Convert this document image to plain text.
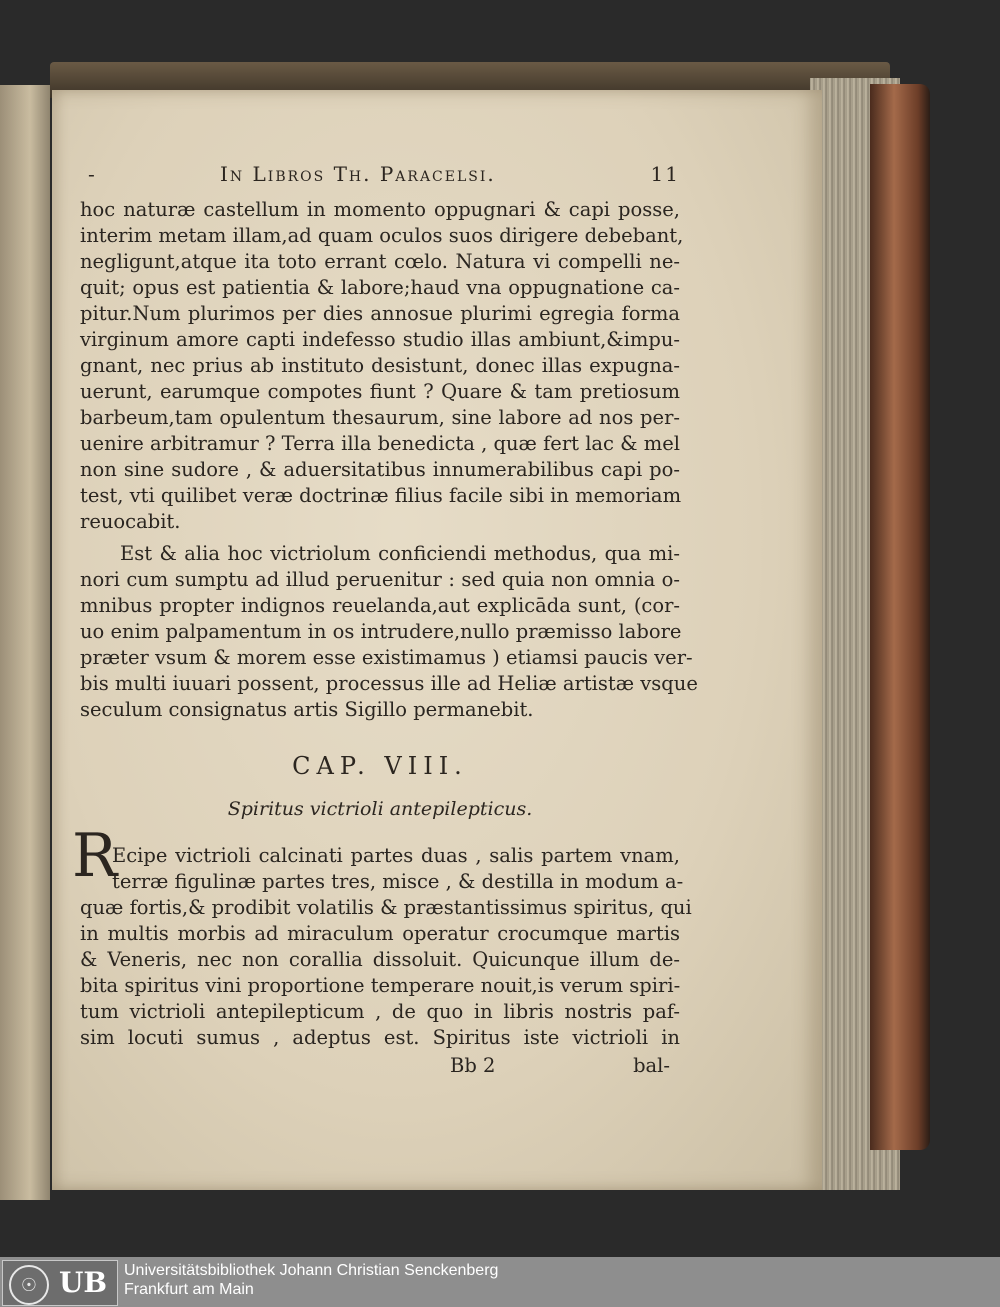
-	In Libros Th. Paracelsi.	11
hoc naturæ castellum in momento oppugnari & capi posse,
interim metam illam,ad quam oculos suos dirigere debebant,
negligunt,atque ita toto errant cœlo. Natura vi compelli ne-
quit; opus est patientia & labore;haud vna oppugnatione ca-
pitur.Num plurimos per dies annosue plurimi egregia forma
virginum amore capti indefesso studio illas ambiunt,&impu-
gnant, nec prius ab instituto desistunt, donec illas expugna-
uerunt, earumque compotes fiunt ? Quare & tam pretiosum
barbeum,tam opulentum thesaurum, sine labore ad nos per-
uenire arbitramur ? Terra illa benedicta , quæ fert lac & mel
non sine sudore , & aduersitatibus innumerabilibus capi po-
test, vti quilibet veræ doctrinæ filius facile sibi in memoriam
reuocabit.
Est & alia hoc victriolum conficiendi methodus, qua mi-
nori cum sumptu ad illud peruenitur : sed quia non omnia o-
mnibus propter indignos reuelanda,aut explicāda sunt, (cor-
uo enim palpamentum in os intrudere,nullo præmisso labore
præter vsum & morem esse existimamus ) etiamsi paucis ver-
bis multi iuuari possent, processus ille ad Heliæ artistæ vsque
seculum consignatus artis Sigillo permanebit.
CAP. VIII.
Spiritus victrioli antepilepticus.
R
Ecipe victrioli calcinati partes duas , salis partem vnam,
terræ figulinæ partes tres, misce , & destilla in modum a-
quæ fortis,& prodibit volatilis & præstantissimus spiritus, qui
in multis morbis ad miraculum operatur crocumque martis
& Veneris, nec non corallia dissoluit. Quicunque illum de-
bita spiritus vini proportione temperare nouit,is verum spiri-
tum victrioli antepilepticum , de quo in libris nostris paf-
sim locuti sumus , adeptus est. Spiritus iste victrioli in
Bb 2	bal-
☉ UB	Universitätsbibliothek Johann Christian Senckenberg
Frankfurt am Main
